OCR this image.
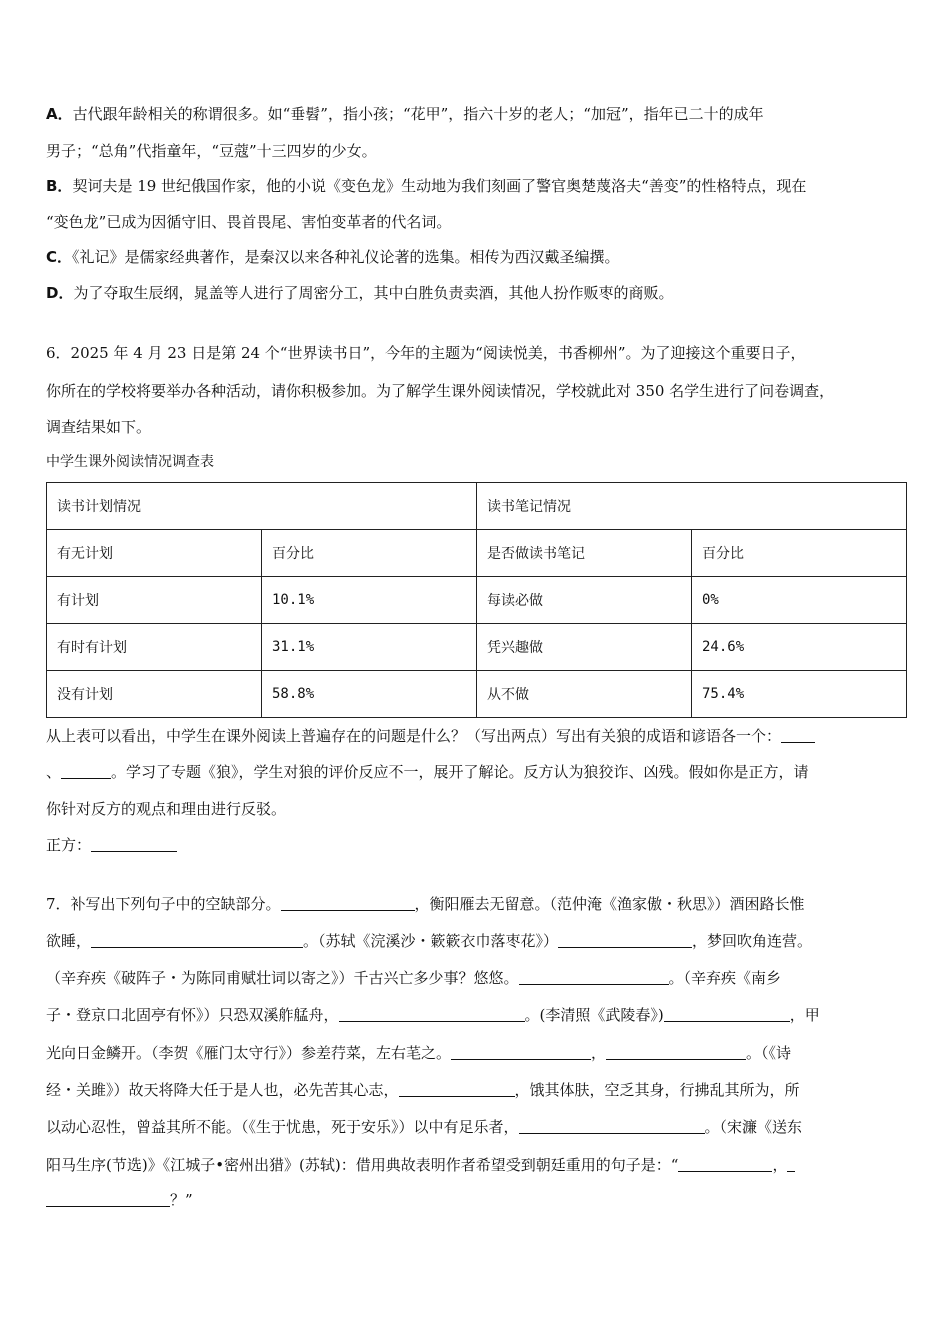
A．古代跟年龄相关的称谓很多。如“垂髫”，指小孩；“花甲”，指六十岁的老人；“加冠”，指年已二十的成年
男子；“总角”代指童年，“豆蔻”十三四岁的少女。
B．契诃夫是 19 世纪俄国作家，他的小说《变色龙》生动地为我们刻画了警官奥楚蔑洛夫“善变”的性格特点，现在
“变色龙”已成为因循守旧、畏首畏尾、害怕变革者的代名词。
C．《礼记》是儒家经典著作，是秦汉以来各种礼仪论著的选集。相传为西汉戴圣编撰。
D．为了夺取生辰纲，晁盖等人进行了周密分工，其中白胜负责卖酒，其他人扮作贩枣的商贩。
6．2025 年 4 月 23 日是第 24 个“世界读书日”，今年的主题为“阅读悦美，书香柳州”。为了迎接这个重要日子，
你所在的学校将要举办各种活动，请你积极参加。为了解学生课外阅读情况，学校就此对 350 名学生进行了问卷调查，
调查结果如下。
中学生课外阅读情况调查表
读书计划情况		读书笔记情况	
有无计划	百分比	是否做读书笔记	百分比
有计划	10.1%	每读必做	0%
有时有计划	31.1%	凭兴趣做	24.6%
没有计划	58.8%	从不做	75.4%
从上表可以看出，中学生在课外阅读上普遍存在的问题是什么？（写出两点）写出有关狼的成语和谚语各一个：
、	。学习了专题《狼》，学生对狼的评价反应不一，展开了解论。反方认为狼狡诈、凶残。假如你是正方，请
你针对反方的观点和理由进行反驳。
正方：
7．补写出下列句子中的空缺部分。	，衡阳雁去无留意。（范仲淹《渔家傲・秋思》）酒困路长惟
欲睡，	。（苏轼《浣溪沙・簌簌衣巾落枣花》）	，梦回吹角连营。
（辛弃疾《破阵子・为陈同甫赋壮词以寄之》）千古兴亡多少事？悠悠。	。（辛弃疾《南乡
子・登京口北固亭有怀》）只恐双溪舴艋舟，	。(李清照《武陵春》)	，甲
光向日金鳞开。（李贺《雁门太守行》）参差荇菜，左右芼之。	，	。（《诗
经・关雎》）故天将降大任于是人也，必先苦其心志，	，饿其体肤，空乏其身，行拂乱其所为，所
以动心忍性，曾益其所不能。（《生于忧患，死于安乐》）以中有足乐者，	。（宋濂《送东
阳马生序(节选)》《江城子•密州出猎》(苏轼)：借用典故表明作者希望受到朝廷重用的句子是：“	，
？”
